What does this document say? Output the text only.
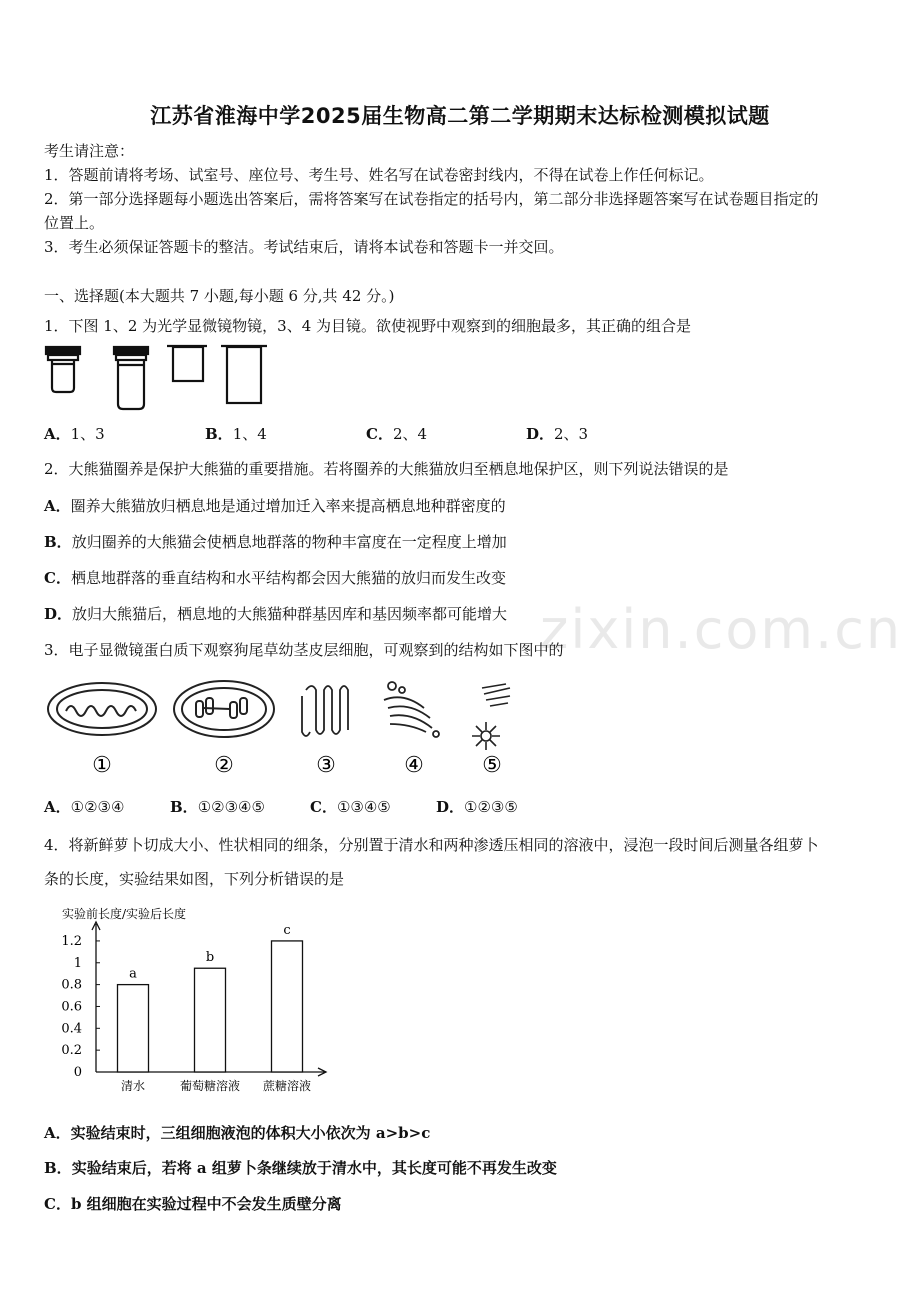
江苏省淮海中学2025届生物高二第二学期期末达标检测模拟试题
考生请注意：
1．答题前请将考场、试室号、座位号、考生号、姓名写在试卷密封线内，不得在试卷上作任何标记。
2．第一部分选择题每小题选出答案后，需将答案写在试卷指定的括号内，第二部分非选择题答案写在试卷题目指定的
位置上。
3．考生必须保证答题卡的整洁。考试结束后，请将本试卷和答题卡一并交回。
一、选择题(本大题共 7 小题,每小题 6 分,共 42 分。)
1．下图 1、2 为光学显微镜物镜，3、4 为目镜。欲使视野中观察到的细胞最多，其正确的组合是
A．1、3	B．1、4	C．2、4	D．2、3
2．大熊猫圈养是保护大熊猫的重要措施。若将圈养的大熊猫放归至栖息地保护区，则下列说法错误的是
A．圈养大熊猫放归栖息地是通过增加迁入率来提高栖息地种群密度的
B．放归圈养的大熊猫会使栖息地群落的物种丰富度在一定程度上增加
C．栖息地群落的垂直结构和水平结构都会因大熊猫的放归而发生改变
D．放归大熊猫后，栖息地的大熊猫种群基因库和基因频率都可能增大 zixin.com.cn
3．电子显微镜蛋白质下观察狗尾草幼茎皮层细胞，可观察到的结构如下图中的
①	②	③	④	⑤
A．①②③④	B．①②③④⑤	C．①③④⑤	D．①②③⑤
4．将新鲜萝卜切成大小、性状相同的细条，分别置于清水和两种渗透压相同的溶液中，浸泡一段时间后测量各组萝卜
条的长度，实验结果如图，下列分析错误的是
实验前长度/实验后长度
0
0.2
0.4
0.6
0.8
1
1.2
a
清水
b
葡萄糖溶液
c
蔗糖溶液
A．实验结束时，三组细胞液泡的体积大小依次为 a>b>c
B．实验结束后，若将 a 组萝卜条继续放于清水中，其长度可能不再发生改变
C．b 组细胞在实验过程中不会发生质壁分离
